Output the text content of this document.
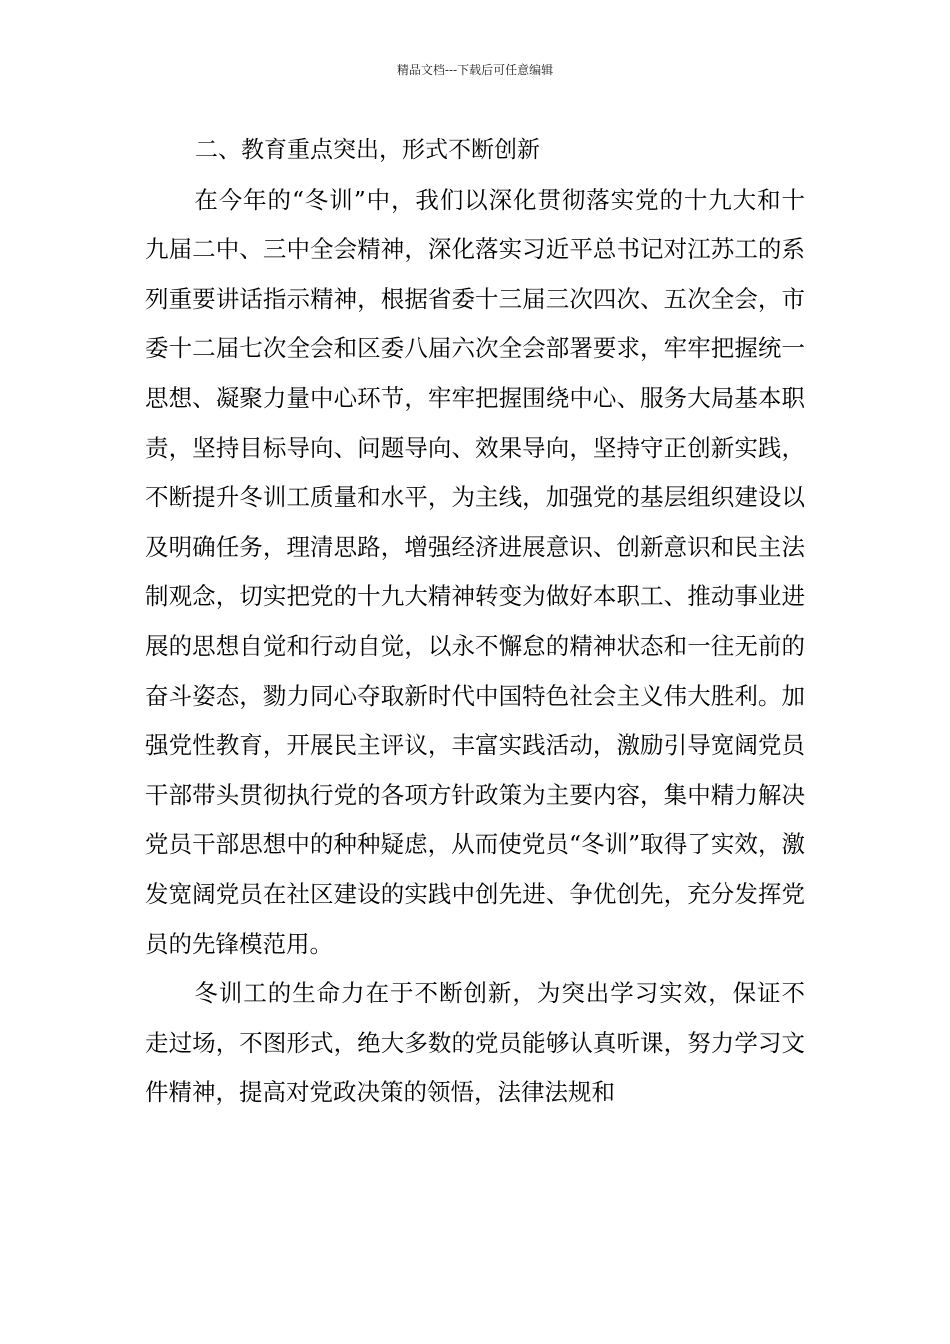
精品文档---下载后可任意编辑

二、教育重点突出，形式不断创新

在今年的“冬训”中，我们以深化贯彻落实党的十九大和十九届二中、三中全会精神，深化落实习近平总书记对江苏工的系列重要讲话指示精神，根据省委十三届三次四次、五次全会，市委十二届七次全会和区委八届六次全会部署要求，牢牢把握统一思想、凝聚力量中心环节，牢牢把握围绕中心、服务大局基本职责，坚持目标导向、问题导向、效果导向，坚持守正创新实践，不断提升冬训工质量和水平，为主线，加强党的基层组织建设以及明确任务，理清思路，增强经济进展意识、创新意识和民主法制观念，切实把党的十九大精神转变为做好本职工、推动事业进展的思想自觉和行动自觉，以永不懈怠的精神状态和一往无前的奋斗姿态，勠力同心夺取新时代中国特色社会主义伟大胜利。加强党性教育，开展民主评议，丰富实践活动，激励引导宽阔党员干部带头贯彻执行党的各项方针政策为主要内容，集中精力解决党员干部思想中的种种疑虑，从而使党员“冬训”取得了实效，激发宽阔党员在社区建设的实践中创先进、争优创先，充分发挥党员的先锋模范用。

冬训工的生命力在于不断创新，为突出学习实效，保证不走过场，不图形式，绝大多数的党员能够认真听课，努力学习文件精神，提高对党政决策的领悟，法律法规和
